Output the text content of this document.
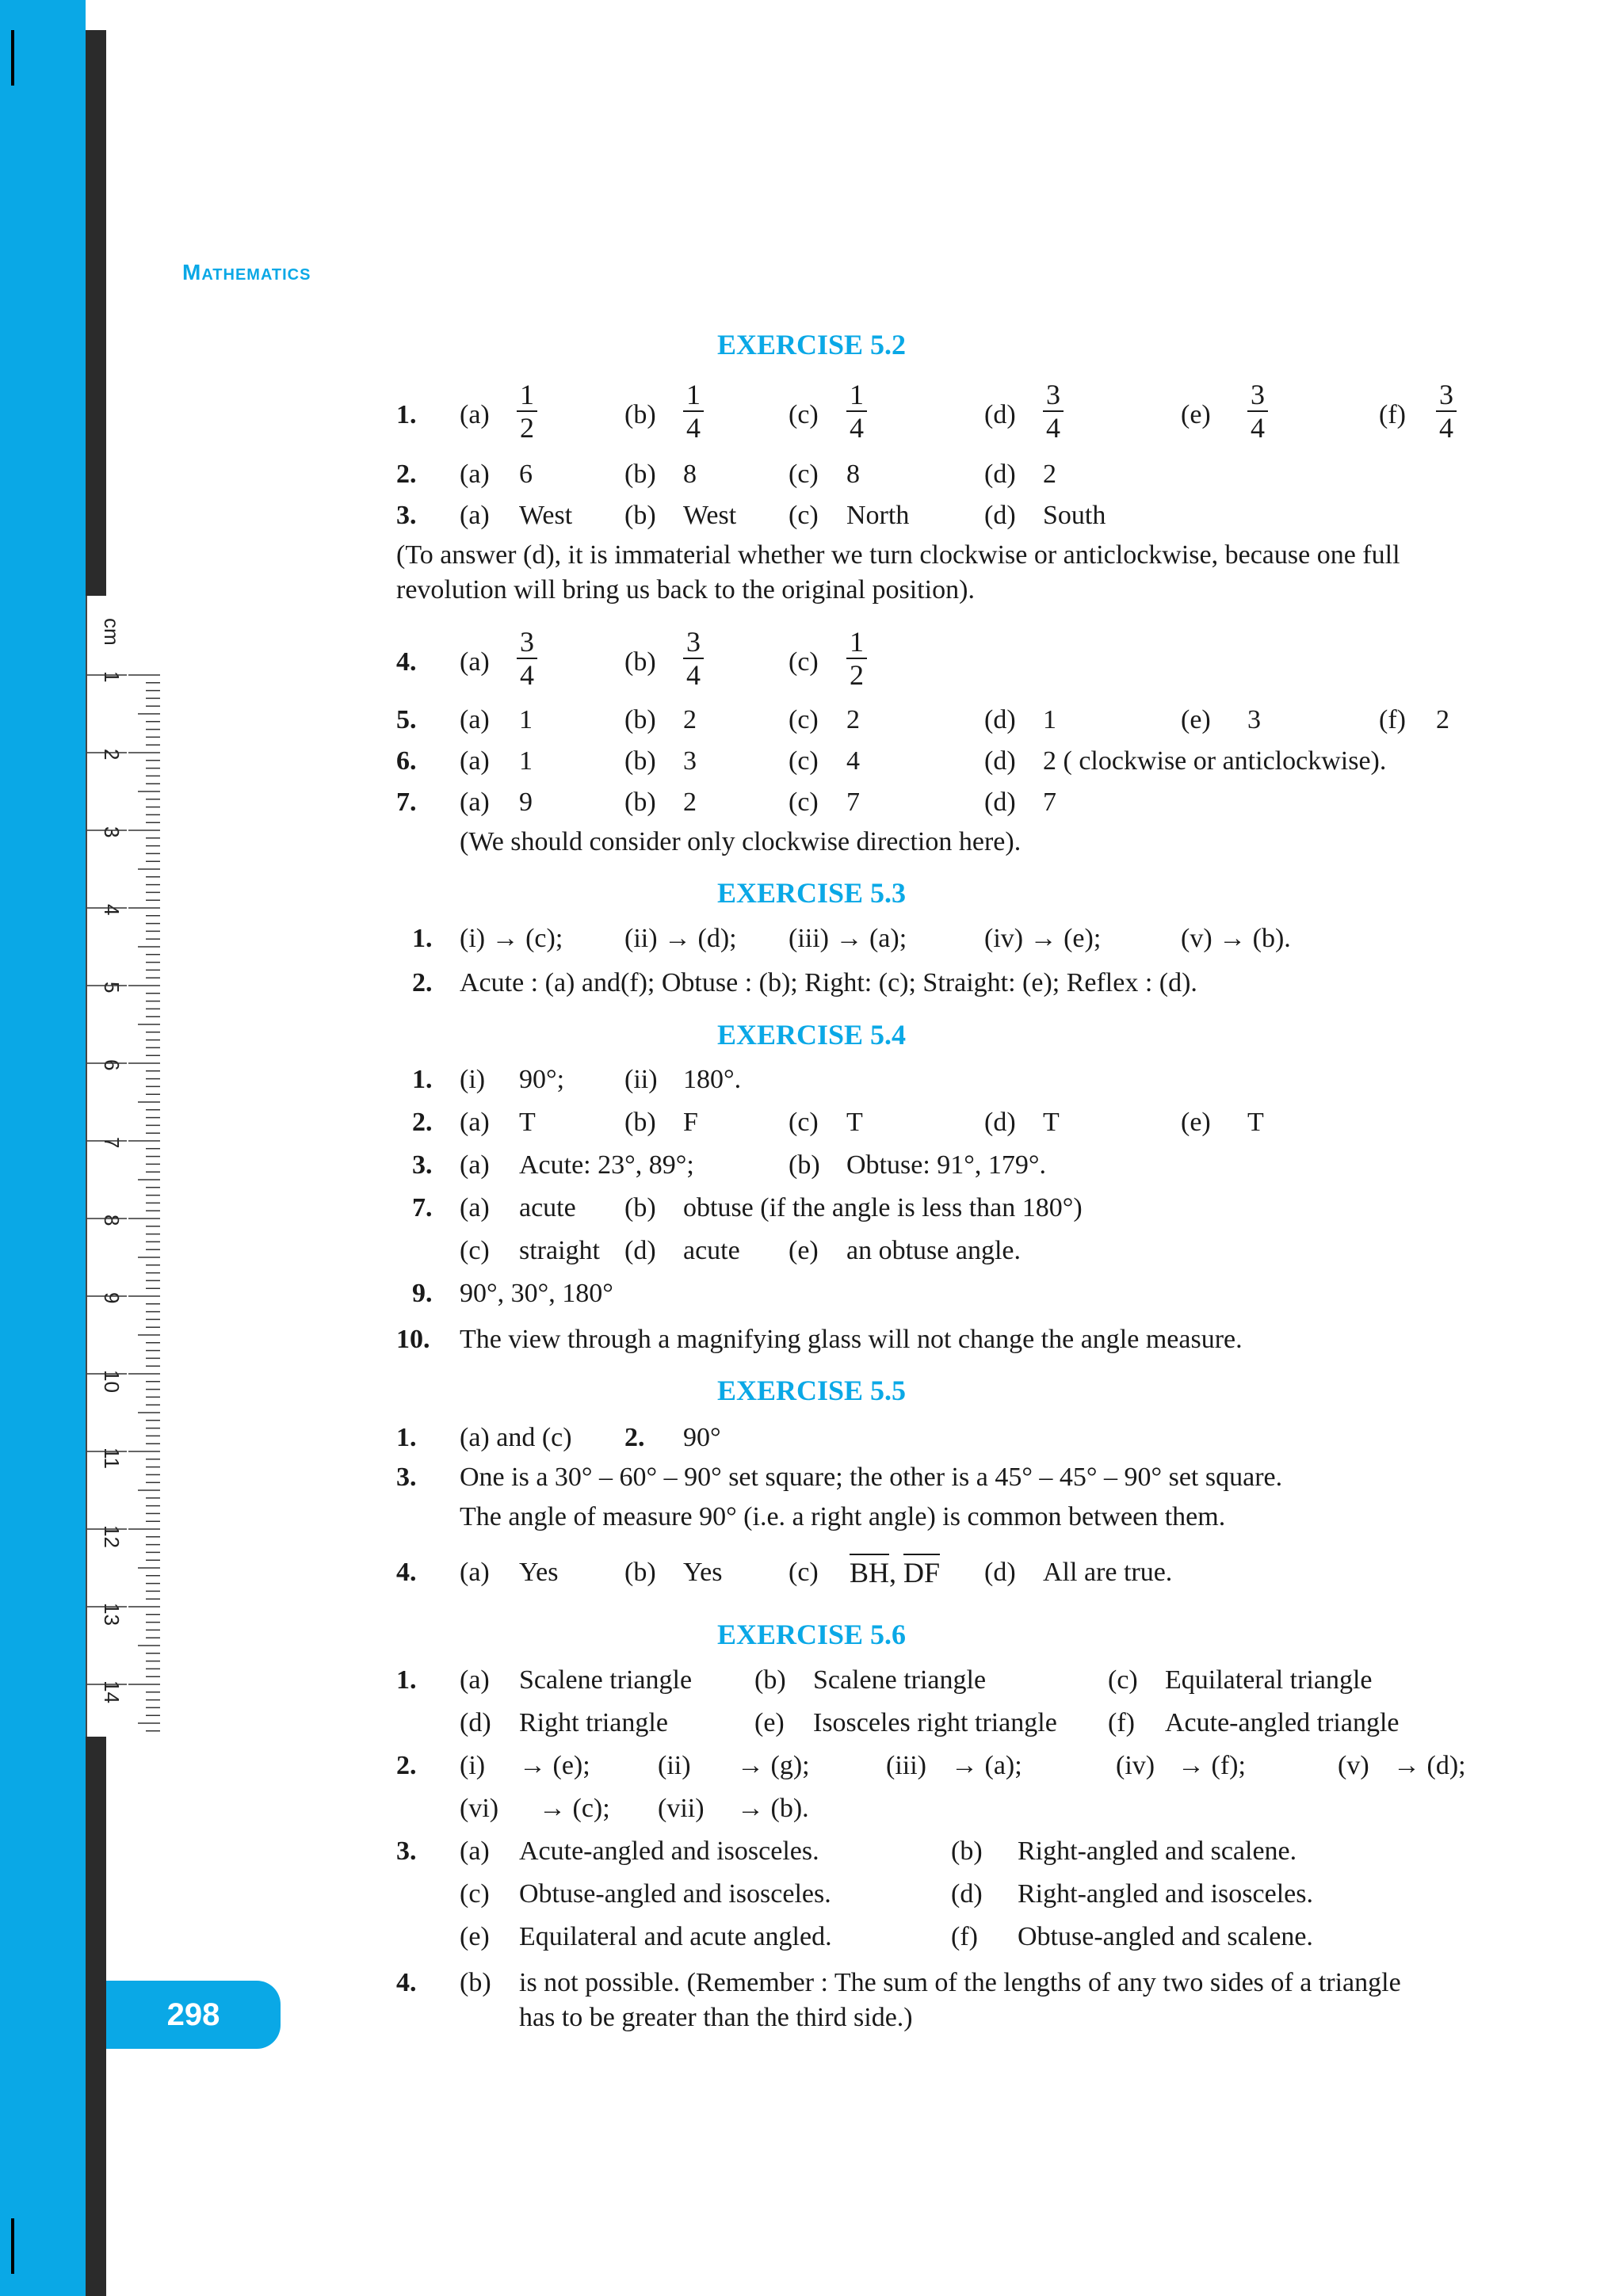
cm
1
2
3
4
5
6
7
8
9
10
11
12
13
14
Mathematics
298
EXERCISE 5.2
1. $(a) \frac{1}{2}$	$(b) \frac{1}{4}$	$(c) \frac{1}{4}$	$(d) \frac{3}{4}$	$(e) \frac{3}{4}$	$(f) \frac{3}{4}$
2. (a) 6	(b) 8	(c) 8	(d) 2
3. (a) West (b) West (c) North	(d) South
(To answer (d), it is immaterial whether we turn clockwise or anticlockwise, because one full
revolution will bring us back to the original position).
4. $(a) \frac{3}{4}$	$(b) \frac{3}{4}$	$(c) \frac{1}{2}$
5. (a) 1	(b) 2	(c) 2	(d) 1	(e) 3	(f) 2
6. (a) 1	(b) 3	(c) 4	(d) 2 ( clockwise or anticlockwise).
7. (a) 9	(b) 2	(c) 7	(d) 7
(We should consider only clockwise direction here).
EXERCISE 5.3
1. (i) → (c); (ii) → (d); (iii) → (a);	(iv) → (e);	(v) → (b).
2. Acute : (a) and(f); Obtuse : (b); Right: (c); Straight: (e); Reflex : (d).
EXERCISE 5.4
1. (i) 90°; (ii) 180°.
2. (a) T	(b) F	(c) T	(d) T	(e) T
3. (a) Acute: 23°, 89°;	(b) Obtuse: 91°, 179°.
7. (a) acute (b) obtuse (if the angle is less than 180°)
(c) straight (d) acute (e) an obtuse angle.
9. 90°, 30°, 180°
10. The view through a magnifying glass will not change the angle measure.
EXERCISE 5.5
1. (a) and (c) 2. 90°
3. One is a 30° – 60° – 90° set square; the other is a 45° – 45° – 90° set square.
The angle of measure 90° (i.e. a right angle) is common between them.
4. (a) Yes (b) Yes (c) BH, DF (d) All are true.
EXERCISE 5.6
1. (a) Scalene triangle (b) Scalene triangle	(c) Equilateral triangle
(d) Right triangle	(e) Isosceles right triangle (f) Acute-angled triangle
2. (i) → (e);	(ii) → (g);	(iii) → (a);	(iv) → (f);	(v) → (d);
(vi) → (c); (vii) → (b).
3. (a) Acute-angled and isosceles.	(b) Right-angled and scalene.
(c) Obtuse-angled and isosceles.	(d) Right-angled and isosceles.
(e) Equilateral and acute angled.	(f) Obtuse-angled and scalene.
4. (b) is not possible. (Remember : The sum of the lengths of any two sides of a triangle
has to be greater than the third side.)
